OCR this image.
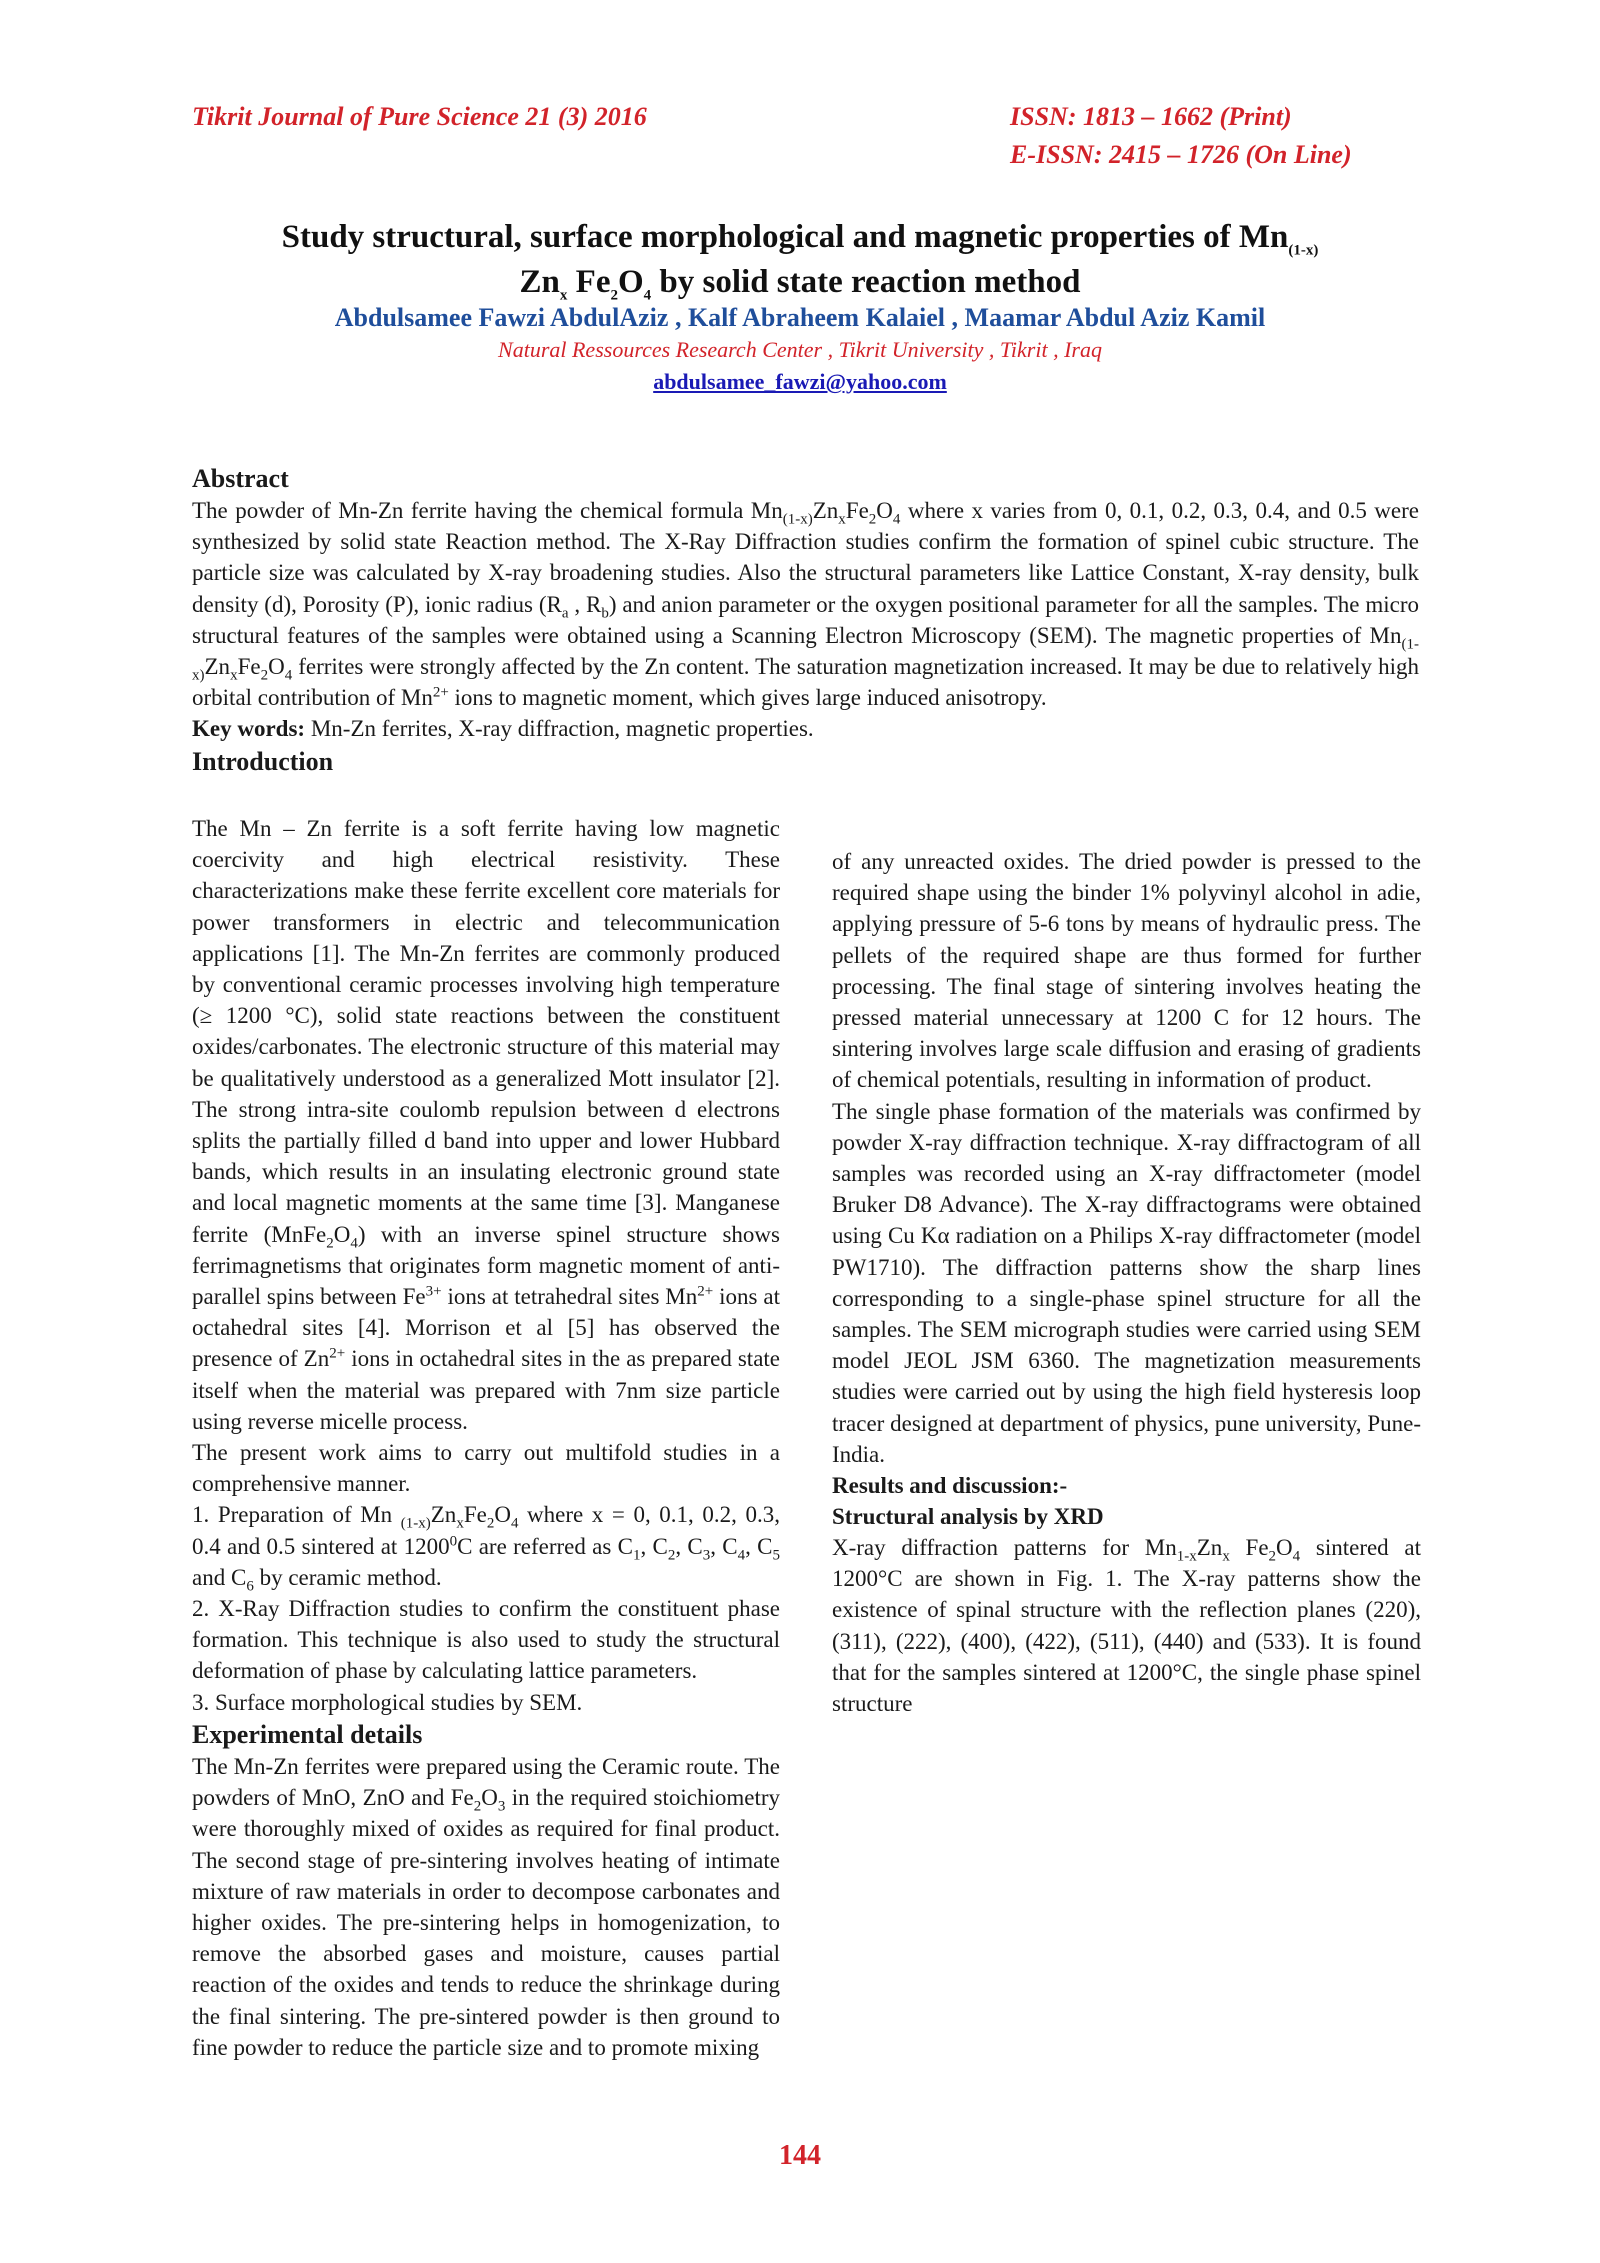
Tikrit Journal of Pure Science 21 (3) 2016	ISSN: 1813 – 1662 (Print)
E-ISSN: 2415 – 1726 (On Line)
Study structural, surface morphological and magnetic properties of $Mn_{(1-x)}$
$Zn_x$ $Fe_2O_4$ by solid state reaction method
Abdulsamee Fawzi AbdulAziz , Kalf Abraheem Kalaiel , Maamar Abdul Aziz Kamil
Natural Ressources Research Center , Tikrit University , Tikrit , Iraq
abdulsamee_fawzi@yahoo.com

Abstract

The powder of Mn-Zn ferrite having the chemical formula $Mn_{(1-x)}Zn_xFe_2O_4$ where x varies from 0, 0.1, 0.2, 0.3, 0.4, and 0.5 were synthesized by solid state Reaction method. The X-Ray Diffraction studies confirm the formation of spinel cubic structure. The particle size was calculated by X-ray broadening studies. Also the structural parameters like Lattice Constant, X-ray density, bulk density (d), Porosity (P), ionic radius ($R_a$ , $R_b$) and anion parameter or the oxygen positional parameter for all the samples. The micro structural features of the samples were obtained using a Scanning Electron Microscopy (SEM). The magnetic properties of $Mn_{(1-x)}Zn_xFe_2O_4$ ferrites were strongly affected by the Zn content. The saturation magnetization increased. It may be due to relatively high orbital contribution of $Mn^{2+}$ ions to magnetic moment, which gives large induced anisotropy.

Key words: Mn-Zn ferrites, X-ray diffraction, magnetic properties.

Introduction

The Mn – Zn ferrite is a soft ferrite having low magnetic coercivity and high electrical resistivity. These characterizations make these ferrite excellent core materials for power transformers in electric and telecommunication applications [1]. The Mn-Zn ferrites are commonly produced by conventional ceramic processes involving high temperature (≥ 1200 °C), solid state reactions between the constituent oxides/carbonates. The electronic structure of this material may be qualitatively understood as a generalized Mott insulator [2]. The strong intra-site coulomb repulsion between d electrons splits the partially filled d band into upper and lower Hubbard bands, which results in an insulating electronic ground state and local magnetic moments at the same time [3]. Manganese ferrite $(MnFe_2O_4)$ with an inverse spinel structure shows ferrimagnetisms that originates form magnetic moment of anti-parallel spins between $Fe^{3+}$ ions at tetrahedral sites $Mn^{2+}$ ions at octahedral sites [4]. Morrison et al [5] has observed the presence of $Zn^{2+}$ ions in octahedral sites in the as prepared state itself when the material was prepared with 7nm size particle using reverse micelle process.

The present work aims to carry out multifold studies in a comprehensive manner.

1. Preparation of Mn $_{(1-x)}Zn_xFe_2O_4$ where x = 0, 0.1, 0.2, 0.3, 0.4 and 0.5 sintered at 1200$^0$C are referred as $C_1$, $C_2$, $C_3$, $C_4$, $C_5$ and $C_6$ by ceramic method.

2. X-Ray Diffraction studies to confirm the constituent phase formation. This technique is also used to study the structural deformation of phase by calculating lattice parameters.

3. Surface morphological studies by SEM.

Experimental details

The Mn-Zn ferrites were prepared using the Ceramic route. The powders of MnO, ZnO and $Fe_2O_3$ in the required stoichiometry were thoroughly mixed of oxides as required for final product. The second stage of pre-sintering involves heating of intimate mixture of raw materials in order to decompose carbonates and higher oxides. The pre-sintering helps in homogenization, to remove the absorbed gases and moisture, causes partial reaction of the oxides and tends to reduce the shrinkage during the final sintering. The pre-sintered powder is then ground to fine powder to reduce the particle size and to promote mixing

of any unreacted oxides. The dried powder is pressed to the required shape using the binder 1% polyvinyl alcohol in adie, applying pressure of 5-6 tons by means of hydraulic press. The pellets of the required shape are thus formed for further processing. The final stage of sintering involves heating the pressed material unnecessary at 1200 C for 12 hours. The sintering involves large scale diffusion and erasing of gradients of chemical potentials, resulting in information of product.

The single phase formation of the materials was confirmed by powder X-ray diffraction technique. X-ray diffractogram of all samples was recorded using an X-ray diffractometer (model Bruker D8 Advance). The X-ray diffractograms were obtained using Cu Kα radiation on a Philips X-ray diffractometer (model PW1710). The diffraction patterns show the sharp lines corresponding to a single-phase spinel structure for all the samples. The SEM micrograph studies were carried using SEM model JEOL JSM 6360. The magnetization measurements studies were carried out by using the high field hysteresis loop tracer designed at department of physics, pune university, Pune-India.

Results and discussion:-

Structural analysis by XRD

X-ray diffraction patterns for $Mn_{1-x}Zn_x$ $Fe_2O_4$ sintered at 1200°C are shown in Fig. 1. The X-ray patterns show the existence of spinal structure with the reflection planes (220), (311), (222), (400), (422), (511), (440) and (533). It is found that for the samples sintered at 1200°C, the single phase spinel structure

144
